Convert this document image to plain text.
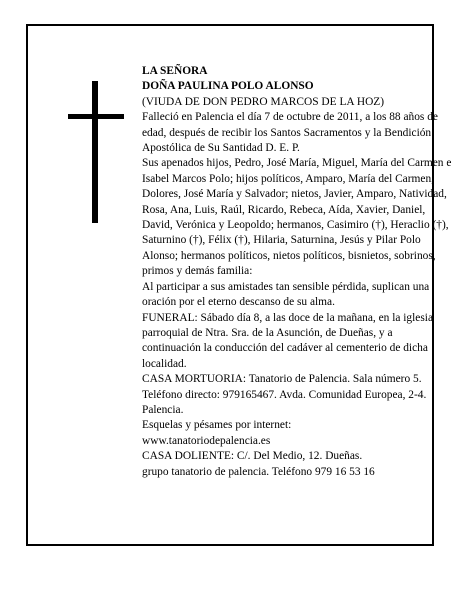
LA SEÑORA

DOÑA PAULINA POLO ALONSO

(VIUDA DE DON PEDRO MARCOS DE LA HOZ)

Falleció en Palencia el día 7 de octubre de 2011, a los 88 años de edad, después de recibir los Santos Sacramentos y la Bendición Apostólica de Su Santidad D. E. P.

Sus apenados hijos, Pedro, José María, Miguel, María del Carmen e Isabel Marcos Polo; hijos políticos, Amparo, María del Carmen, Dolores, José María y Salvador; nietos, Javier, Amparo, Natividad, Rosa, Ana, Luis, Raúl, Ricardo, Rebeca, Aída, Xavier, Daniel, David, Verónica y Leopoldo; hermanos, Casimiro (†), Heraclio (†), Saturnino (†), Félix (†), Hilaria, Saturnina, Jesús y Pilar Polo Alonso; hermanos políticos, nietos políticos, bisnietos, sobrinos, primos y demás familia:

Al participar a sus amistades tan sensible pérdida, suplican una oración por el eterno descanso de su alma.

FUNERAL: Sábado día 8, a las doce de la mañana, en la iglesia parroquial de Ntra. Sra. de la Asunción, de Dueñas, y a continuación la conducción del cadáver al cementerio de dicha localidad.

CASA MORTUORIA: Tanatorio de Palencia. Sala número 5. Teléfono directo: 979165467. Avda. Comunidad Europea, 2-4. Palencia.

Esquelas y pésames por internet:

www.tanatoriodepalencia.es

CASA DOLIENTE: C/. Del Medio, 12. Dueñas.

grupo tanatorio de palencia. Teléfono 979 16 53 16
